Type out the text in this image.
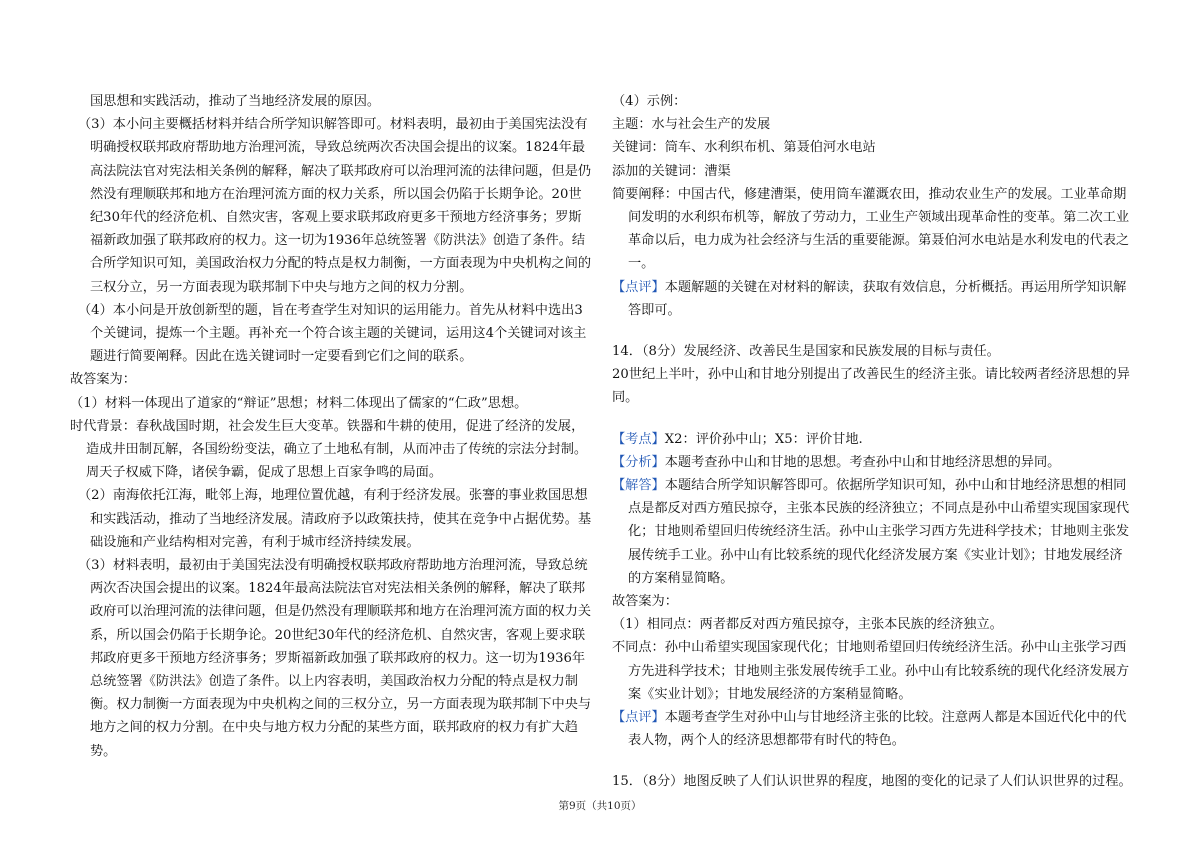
国思想和实践活动，推动了当地经济发展的原因。

（3）本小问主要概括材料并结合所学知识解答即可。材料表明，最初由于美国宪法没有明确授权联邦政府帮助地方治理河流，导致总统两次否决国会提出的议案。1824年最高法院法官对宪法相关条例的解释，解决了联邦政府可以治理河流的法律问题，但是仍然没有理顺联邦和地方在治理河流方面的权力关系，所以国会仍陷于长期争论。20世纪30年代的经济危机、自然灾害，客观上要求联邦政府更多干预地方经济事务；罗斯福新政加强了联邦政府的权力。这一切为1936年总统签署《防洪法》创造了条件。结合所学知识可知，美国政治权力分配的特点是权力制衡，一方面表现为中央机构之间的三权分立，另一方面表现为联邦制下中央与地方之间的权力分割。

（4）本小问是开放创新型的题，旨在考查学生对知识的运用能力。首先从材料中选出3个关键词，提炼一个主题。再补充一个符合该主题的关键词，运用这4个关键词对该主题进行简要阐释。因此在选关键词时一定要看到它们之间的联系。

故答案为：

（1）材料一体现出了道家的“辩证”思想；材料二体现出了儒家的“仁政”思想。

时代背景：春秋战国时期，社会发生巨大变革。铁器和牛耕的使用，促进了经济的发展，造成井田制瓦解，各国纷纷变法，确立了土地私有制，从而冲击了传统的宗法分封制。周天子权威下降，诸侯争霸，促成了思想上百家争鸣的局面。

（2）南海依托江海，毗邻上海，地理位置优越，有利于经济发展。张謇的事业救国思想和实践活动，推动了当地经济发展。清政府予以政策扶持，使其在竞争中占据优势。基础设施和产业结构相对完善，有利于城市经济持续发展。

（3）材料表明，最初由于美国宪法没有明确授权联邦政府帮助地方治理河流，导致总统两次否决国会提出的议案。1824年最高法院法官对宪法相关条例的解释，解决了联邦政府可以治理河流的法律问题，但是仍然没有理顺联邦和地方在治理河流方面的权力关系，所以国会仍陷于长期争论。20世纪30年代的经济危机、自然灾害，客观上要求联邦政府更多干预地方经济事务；罗斯福新政加强了联邦政府的权力。这一切为1936年总统签署《防洪法》创造了条件。以上内容表明，美国政治权力分配的特点是权力制衡。权力制衡一方面表现为中央机构之间的三权分立，另一方面表现为联邦制下中央与地方之间的权力分割。在中央与地方权力分配的某些方面，联邦政府的权力有扩大趋势。

（4）示例：

主题：水与社会生产的发展

关键词：筒车、水利织布机、第聂伯河水电站

添加的关键词：漕渠

简要阐释：中国古代，修建漕渠，使用筒车灌溉农田，推动农业生产的发展。工业革命期间发明的水利织布机等，解放了劳动力，工业生产领域出现革命性的变革。第二次工业革命以后，电力成为社会经济与生活的重要能源。第聂伯河水电站是水利发电的代表之一。

【点评】本题解题的关键在对材料的解读，获取有效信息，分析概括。再运用所学知识解答即可。

14．（8分）发展经济、改善民生是国家和民族发展的目标与责任。

20世纪上半叶，孙中山和甘地分别提出了改善民生的经济主张。请比较两者经济思想的异同。

【考点】X2：评价孙中山；X5：评价甘地.

【分析】本题考查孙中山和甘地的思想。考查孙中山和甘地经济思想的异同。

【解答】本题结合所学知识解答即可。依据所学知识可知，孙中山和甘地经济思想的相同点是都反对西方殖民掠夺，主张本民族的经济独立；不同点是孙中山希望实现国家现代化；甘地则希望回归传统经济生活。孙中山主张学习西方先进科学技术；甘地则主张发展传统手工业。孙中山有比较系统的现代化经济发展方案《实业计划》；甘地发展经济的方案稍显简略。

故答案为：

（1）相同点：两者都反对西方殖民掠夺，主张本民族的经济独立。

不同点：孙中山希望实现国家现代化；甘地则希望回归传统经济生活。孙中山主张学习西方先进科学技术；甘地则主张发展传统手工业。孙中山有比较系统的现代化经济发展方案《实业计划》；甘地发展经济的方案稍显简略。

【点评】本题考查学生对孙中山与甘地经济主张的比较。注意两人都是本国近代化中的代表人物，两个人的经济思想都带有时代的特色。

15．（8分）地图反映了人们认识世界的程度，地图的变化的记录了人们认识世界的过程。

第9页（共10页）
